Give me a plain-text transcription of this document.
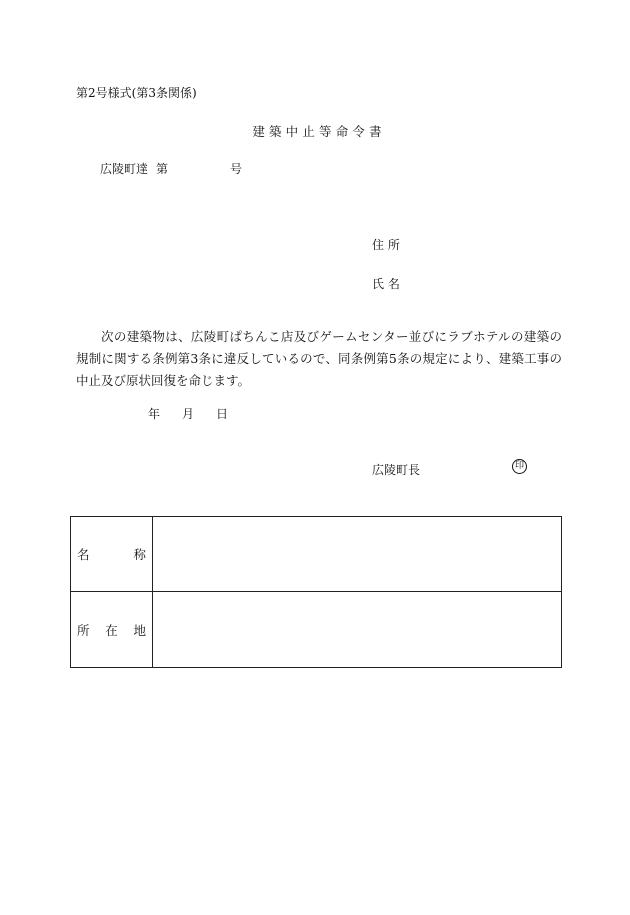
第2号様式(第3条関係)
建 築 中 止 等 命 令 書
広陵町達 第	号
住 所
氏 名
次の建築物は、広陵町ぱちんこ店及びゲームセンター並びにラブホテルの建築の規制に関する条例第3条に違反しているので、同条例第5条の規定により、建築工事の中止及び原状回復を命じます。
年 月 日
広陵町長	印
名 称	

所 在 地	
